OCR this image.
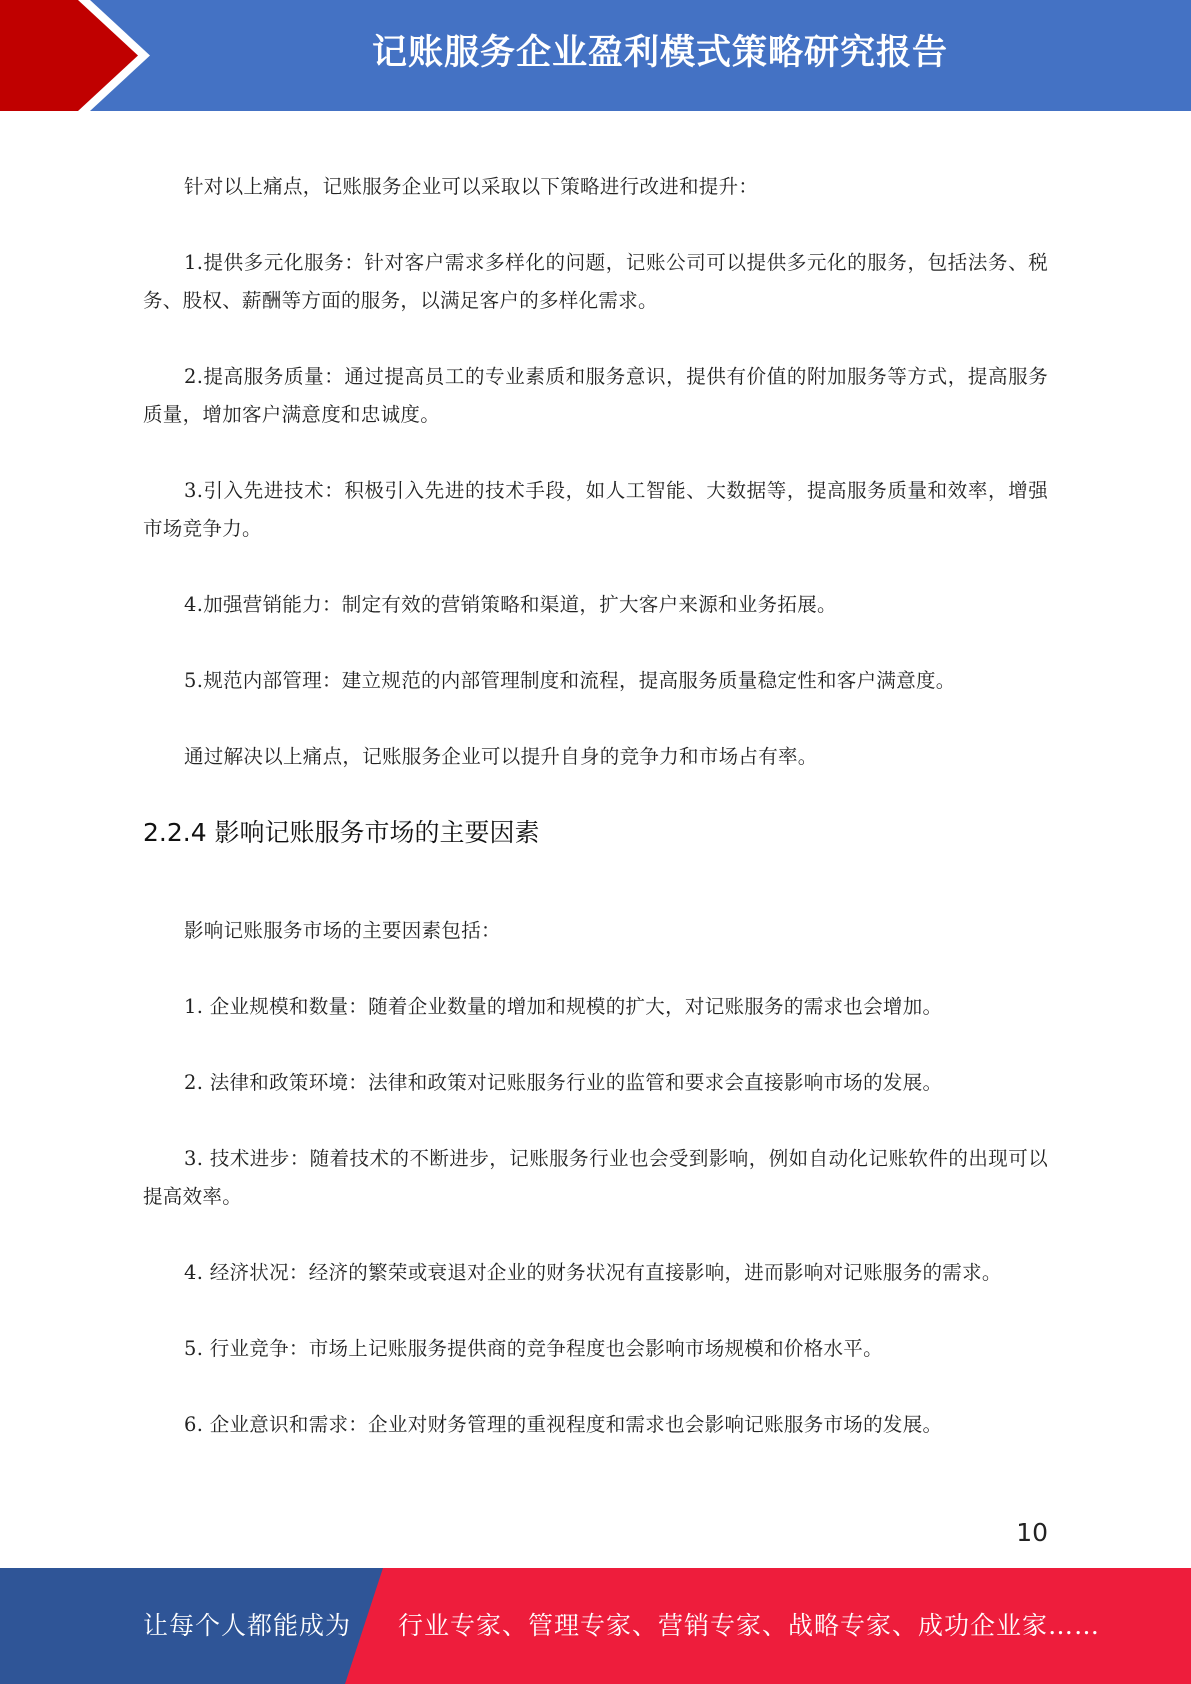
记账服务企业盈利模式策略研究报告

针对以上痛点，记账服务企业可以采取以下策略进行改进和提升：

1.提供多元化服务：针对客户需求多样化的问题，记账公司可以提供多元化的服务，包括法务、税务、股权、薪酬等方面的服务，以满足客户的多样化需求。

2.提高服务质量：通过提高员工的专业素质和服务意识，提供有价值的附加服务等方式，提高服务质量，增加客户满意度和忠诚度。

3.引入先进技术：积极引入先进的技术手段，如人工智能、大数据等，提高服务质量和效率，增强市场竞争力。

4.加强营销能力：制定有效的营销策略和渠道，扩大客户来源和业务拓展。

5.规范内部管理：建立规范的内部管理制度和流程，提高服务质量稳定性和客户满意度。

通过解决以上痛点，记账服务企业可以提升自身的竞争力和市场占有率。

2.2.4 影响记账服务市场的主要因素

影响记账服务市场的主要因素包括：

1. 企业规模和数量：随着企业数量的增加和规模的扩大，对记账服务的需求也会增加。

2. 法律和政策环境：法律和政策对记账服务行业的监管和要求会直接影响市场的发展。

3. 技术进步：随着技术的不断进步，记账服务行业也会受到影响，例如自动化记账软件的出现可以提高效率。

4. 经济状况：经济的繁荣或衰退对企业的财务状况有直接影响，进而影响对记账服务的需求。

5. 行业竞争：市场上记账服务提供商的竞争程度也会影响市场规模和价格水平。

6. 企业意识和需求：企业对财务管理的重视程度和需求也会影响记账服务市场的发展。

10
让每个人都能成为 行业专家、管理专家、营销专家、战略专家、成功企业家……
